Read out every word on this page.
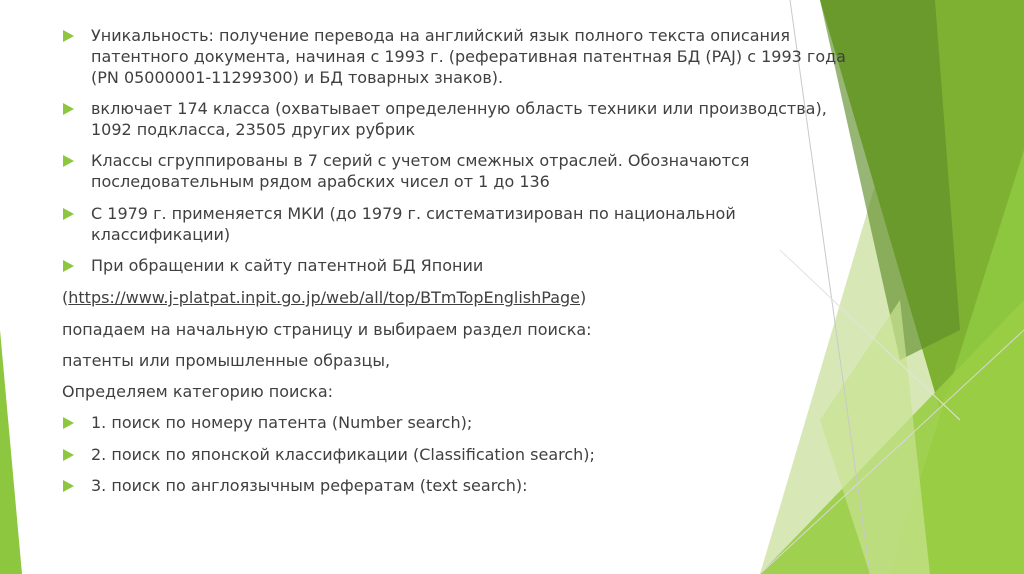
Уникальность: получение перевода на английский язык полного текста описания
патентного документа, начиная с 1993 г. (реферативная патентная БД (PAJ) с 1993 года
(PN 05000001-11299300) и БД товарных знаков).
включает 174 класса (охватывает определенную область техники или производства),
1092 подкласса, 23505 других рубрик
Классы сгруппированы в 7 серий с учетом смежных отраслей. Обозначаются
последовательным рядом арабских чисел от 1 до 136
С 1979 г. применяется МКИ (до 1979 г. систематизирован по национальной
классификации)
При обращении к сайту патентной БД Японии
(https://www.j-platpat.inpit.go.jp/web/all/top/BTmTopEnglishPage)
попадаем на начальную страницу и выбираем раздел поиска:
патенты или промышленные образцы,
Определяем категорию поиска:
1. поиск по номеру патента (Number search);
2. поиск по японской классификации (Classification search);
3. поиск по англоязычным рефератам (text search):
